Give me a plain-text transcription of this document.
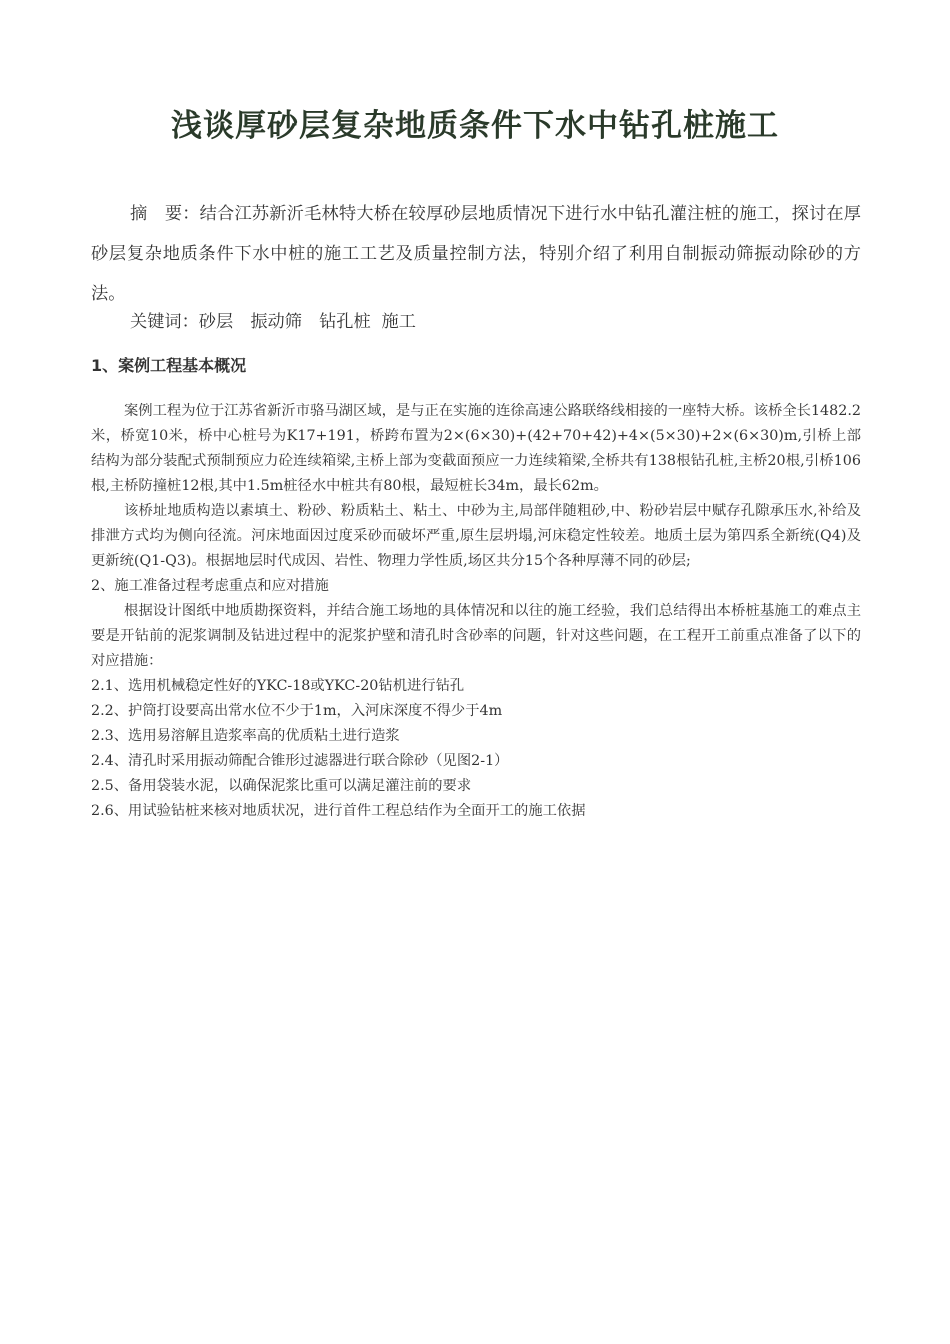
浅谈厚砂层复杂地质条件下水中钻孔桩施工

摘　要：结合江苏新沂毛林特大桥在较厚砂层地质情况下进行水中钻孔灌注桩的施工，探讨在厚砂层复杂地质条件下水中桩的施工工艺及质量控制方法，特别介绍了利用自制振动筛振动除砂的方法。

关键词：砂层　振动筛　钻孔桩  施工

1、案例工程基本概况

案例工程为位于江苏省新沂市骆马湖区域，是与正在实施的连徐高速公路联络线相接的一座特大桥。该桥全长1482.2米，桥宽10米，桥中心桩号为K17+191，桥跨布置为2×(6×30)+(42+70+42)+4×(5×30)+2×(6×30)m,引桥上部结构为部分装配式预制预应力砼连续箱梁,主桥上部为变截面预应一力连续箱梁,全桥共有138根钻孔桩,主桥20根,引桥106根,主桥防撞桩12根,其中1.5m桩径水中桩共有80根，最短桩长34m，最长62m。

该桥址地质构造以素填土、粉砂、粉质粘土、粘土、中砂为主,局部伴随粗砂,中、粉砂岩层中赋存孔隙承压水,补给及排泄方式均为侧向径流。河床地面因过度采砂而破坏严重,原生层坍塌,河床稳定性较差。地质土层为第四系全新统(Q4)及更新统(Q1-Q3)。根据地层时代成因、岩性、物理力学性质,场区共分15个各种厚薄不同的砂层;

2、施工准备过程考虑重点和应对措施

根据设计图纸中地质勘探资料，并结合施工场地的具体情况和以往的施工经验，我们总结得出本桥桩基施工的难点主要是开钻前的泥浆调制及钻进过程中的泥浆护壁和清孔时含砂率的问题，针对这些问题，在工程开工前重点准备了以下的对应措施：

2.1、选用机械稳定性好的YKC-18或YKC-20钻机进行钻孔

2.2、护筒打设要高出常水位不少于1m，入河床深度不得少于4m

2.3、选用易溶解且造浆率高的优质粘土进行造浆

2.4、清孔时采用振动筛配合锥形过滤器进行联合除砂（见图2-1）

2.5、备用袋装水泥，以确保泥浆比重可以满足灌注前的要求

2.6、用试验钻桩来核对地质状况，进行首件工程总结作为全面开工的施工依据
